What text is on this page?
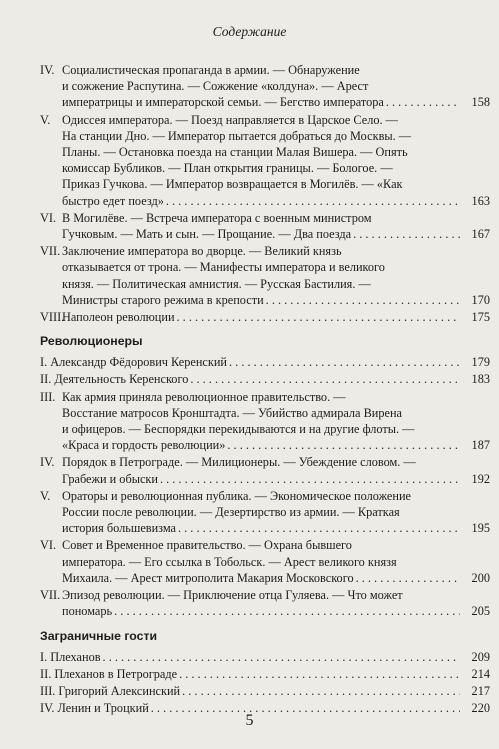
Содержание
IV. Социалистическая пропаганда в армии. — Обнаружение
и сожжение Распутина. — Сожжение «колдуна». — Арест
императрицы и императорской семьи. — Бегство императора . . .	158
V. Одиссея императора. — Поезд направляется в Царское Село. —
На станции Дно. — Император пытается добраться до Москвы. —
Планы. — Остановка поезда на станции Малая Вишера. — Опять
комиссар Бубликов. — План открытия границы. — Бологое. —
Приказ Гучкова. — Император возвращается в Могилёв. — «Как
быстро едет поезд» . . .	163
VI. В Могилёве. — Встреча императора с военным министром
Гучковым. — Мать и сын. — Прощание. — Два поезда . . .	167
VII. Заключение императора во дворце. — Великий князь
отказывается от трона. — Манифесты императора и великого
князя. — Политическая амнистия. — Русская Бастилия. —
Министры старого режима в крепости . . .	170
VIII.
Наполеон революции . . .	175
Революционеры
I. Александр Фёдорович Керенский . . .	179
II. Деятельность Керенского . . .	183
III. Как армия приняла революционное правительство. —
Восстание матросов Кронштадта. — Убийство адмирала Вирена
и офицеров. — Беспорядки перекидываются и на другие флоты. —
«Краса и гордость революции» . . .	187
IV. Порядок в Петрограде. — Милиционеры. — Убеждение словом. —
Грабежи и обыски . . .	192
V. Ораторы и революционная публика. — Экономическое положение
России после революции. — Дезертирство из армии. — Краткая
история большевизма . . .	195
VI. Совет и Временное правительство. — Охрана бывшего
императора. — Его ссылка в Тобольск. — Арест великого князя
Михаила. — Арест митрополита Макария Московского . . .	200
VII. Эпизод революции. — Приключение отца Гуляева. — Что может
пономарь . . .	205
Заграничные гости
I. Плеханов . . .	209
II. Плеханов в Петрограде . . .	214
III. Григорий Алексинский . . .	217
IV. Ленин и Троцкий . . .	220
5
